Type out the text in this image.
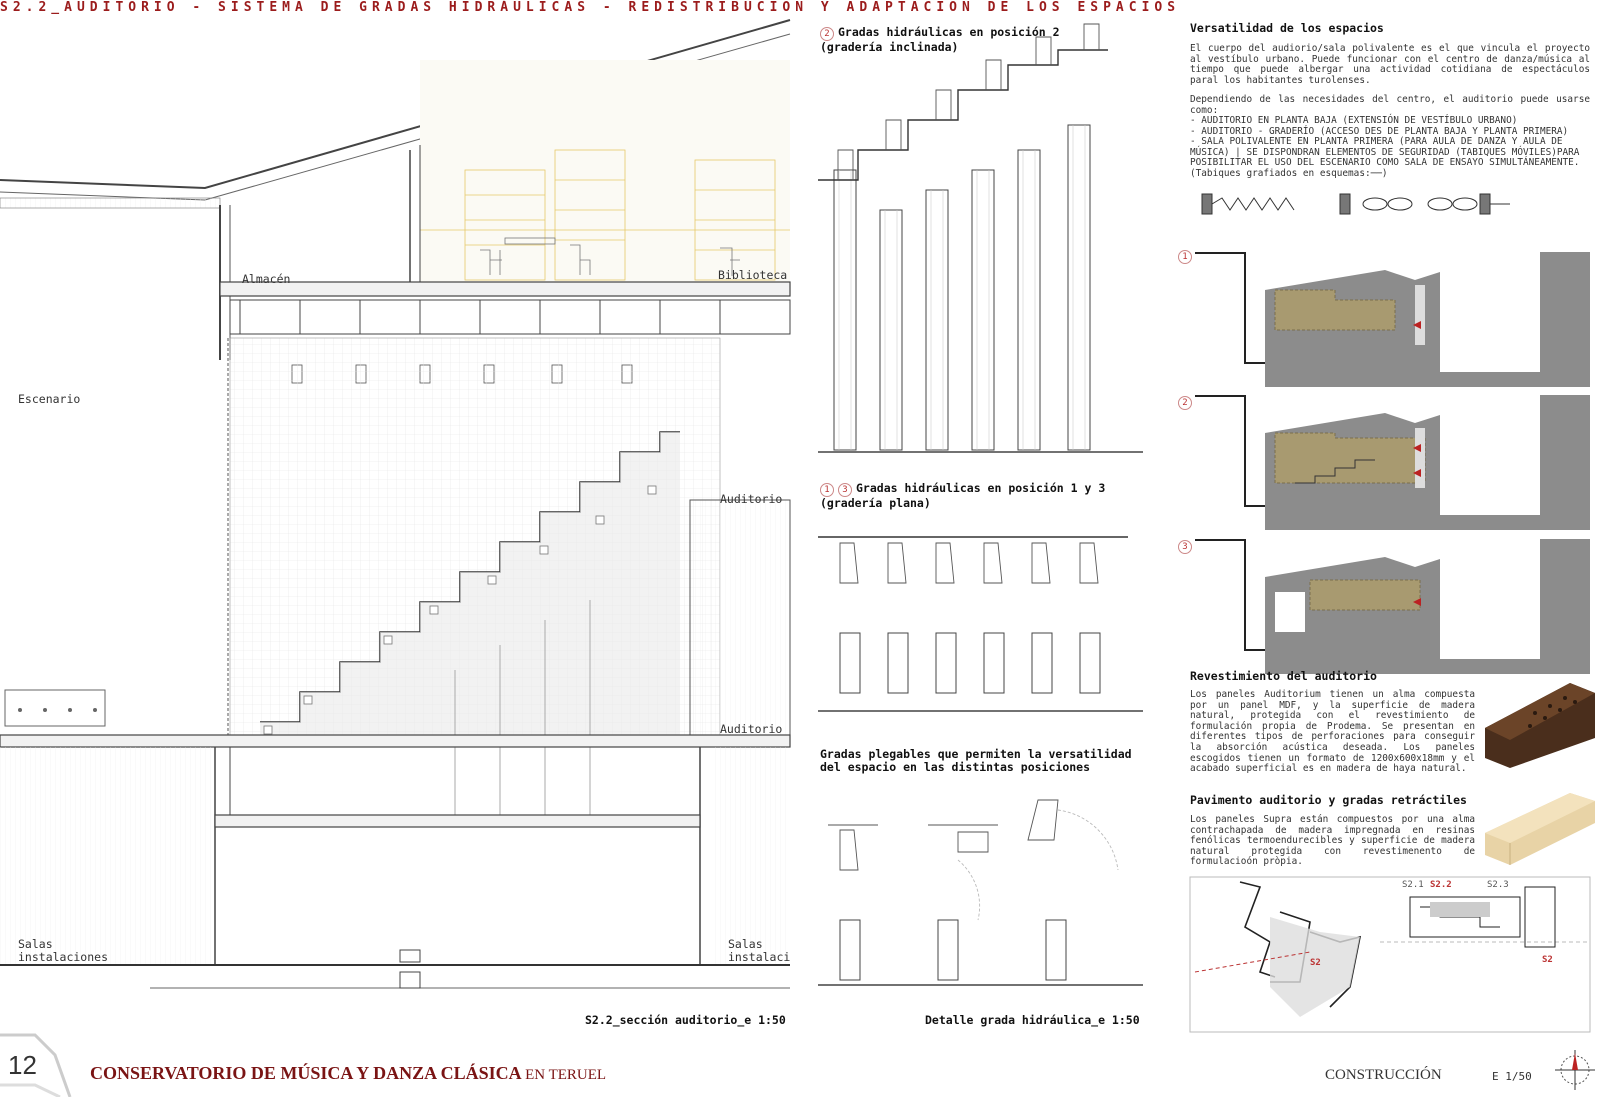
S2.2_AUDITORIO - SISTEMA DE GRADAS HIDRÁULICAS - REDISTRIBUCIÓN Y ADAPTACIÓN DE LOS ESPACIOS
Almacén	Biblioteca
Escenario
Auditorio
Auditorio
Salas
instalaciones
Salas
instalaci
S2.2_sección auditorio_e 1:50
2 Gradas hidráulicas en posición 2
(gradería inclinada)
1 3 Gradas hidráulicas en posición 1 y 3
(gradería plana)
Gradas plegables que permiten la versatilidad
del espacio en las distintas posiciones
Detalle grada hidráulica_e 1:50
Versatilidad de los espacios
El cuerpo del audiorio/sala polivalente es el que vincula el proyecto al vestíbulo urbano. Puede funcionar con el centro de danza/música al tiempo que puede albergar una actividad cotidiana de espectáculos paral los habitantes turolenses.
Dependiendo de las necesidades del centro, el auditorio puede usarse como:
- AUDITORIO EN PLANTA BAJA (EXTENSIÓN DE VESTÍBULO URBANO)
- AUDITORIO - GRADERÍO (ACCESO DES DE PLANTA BAJA Y PLANTA PRIMERA)
- SALA POLIVALENTE EN PLANTA PRIMERA (PARA AULA DE DANZA Y AULA DE MÚSICA) | SE DISPONDRAN ELEMENTOS DE SEGURIDAD (TABIQUES MÓVILES)PARA POSIBILITAR EL USO DEL ESCENARIO COMO SALA DE ENSAYO SIMULTÁNEAMENTE. (Tabiques grafiados en esquemas:──)
1
2
3
Revestimiento del auditorio
Los paneles Auditorium tienen un alma compuesta por un panel MDF, y la superficie de madera natural, protegida con el revestimiento de formulación propia de Prodema. Se presentan en diferentes tipos de perforaciones para conseguir la absorción acústica deseada. Los paneles escogidos tienen un formato de 1200x600x18mm y el acabado superficial es en madera de haya natural.
Pavimento auditorio y gradas retráctiles
Los paneles Supra están compuestos por una alma contrachapada de madera impregnada en resinas fenólicas termoendurecibles y superficie de madera natural protegida con revestimenento de formulacioón pròpia.
S2.1 S2.2	S2.3
S2	S2
12	CONSERVATORIO DE MÚSICA Y DANZA CLÁSICA EN TERUEL	CONSTRUCCIÓN	E 1/50
